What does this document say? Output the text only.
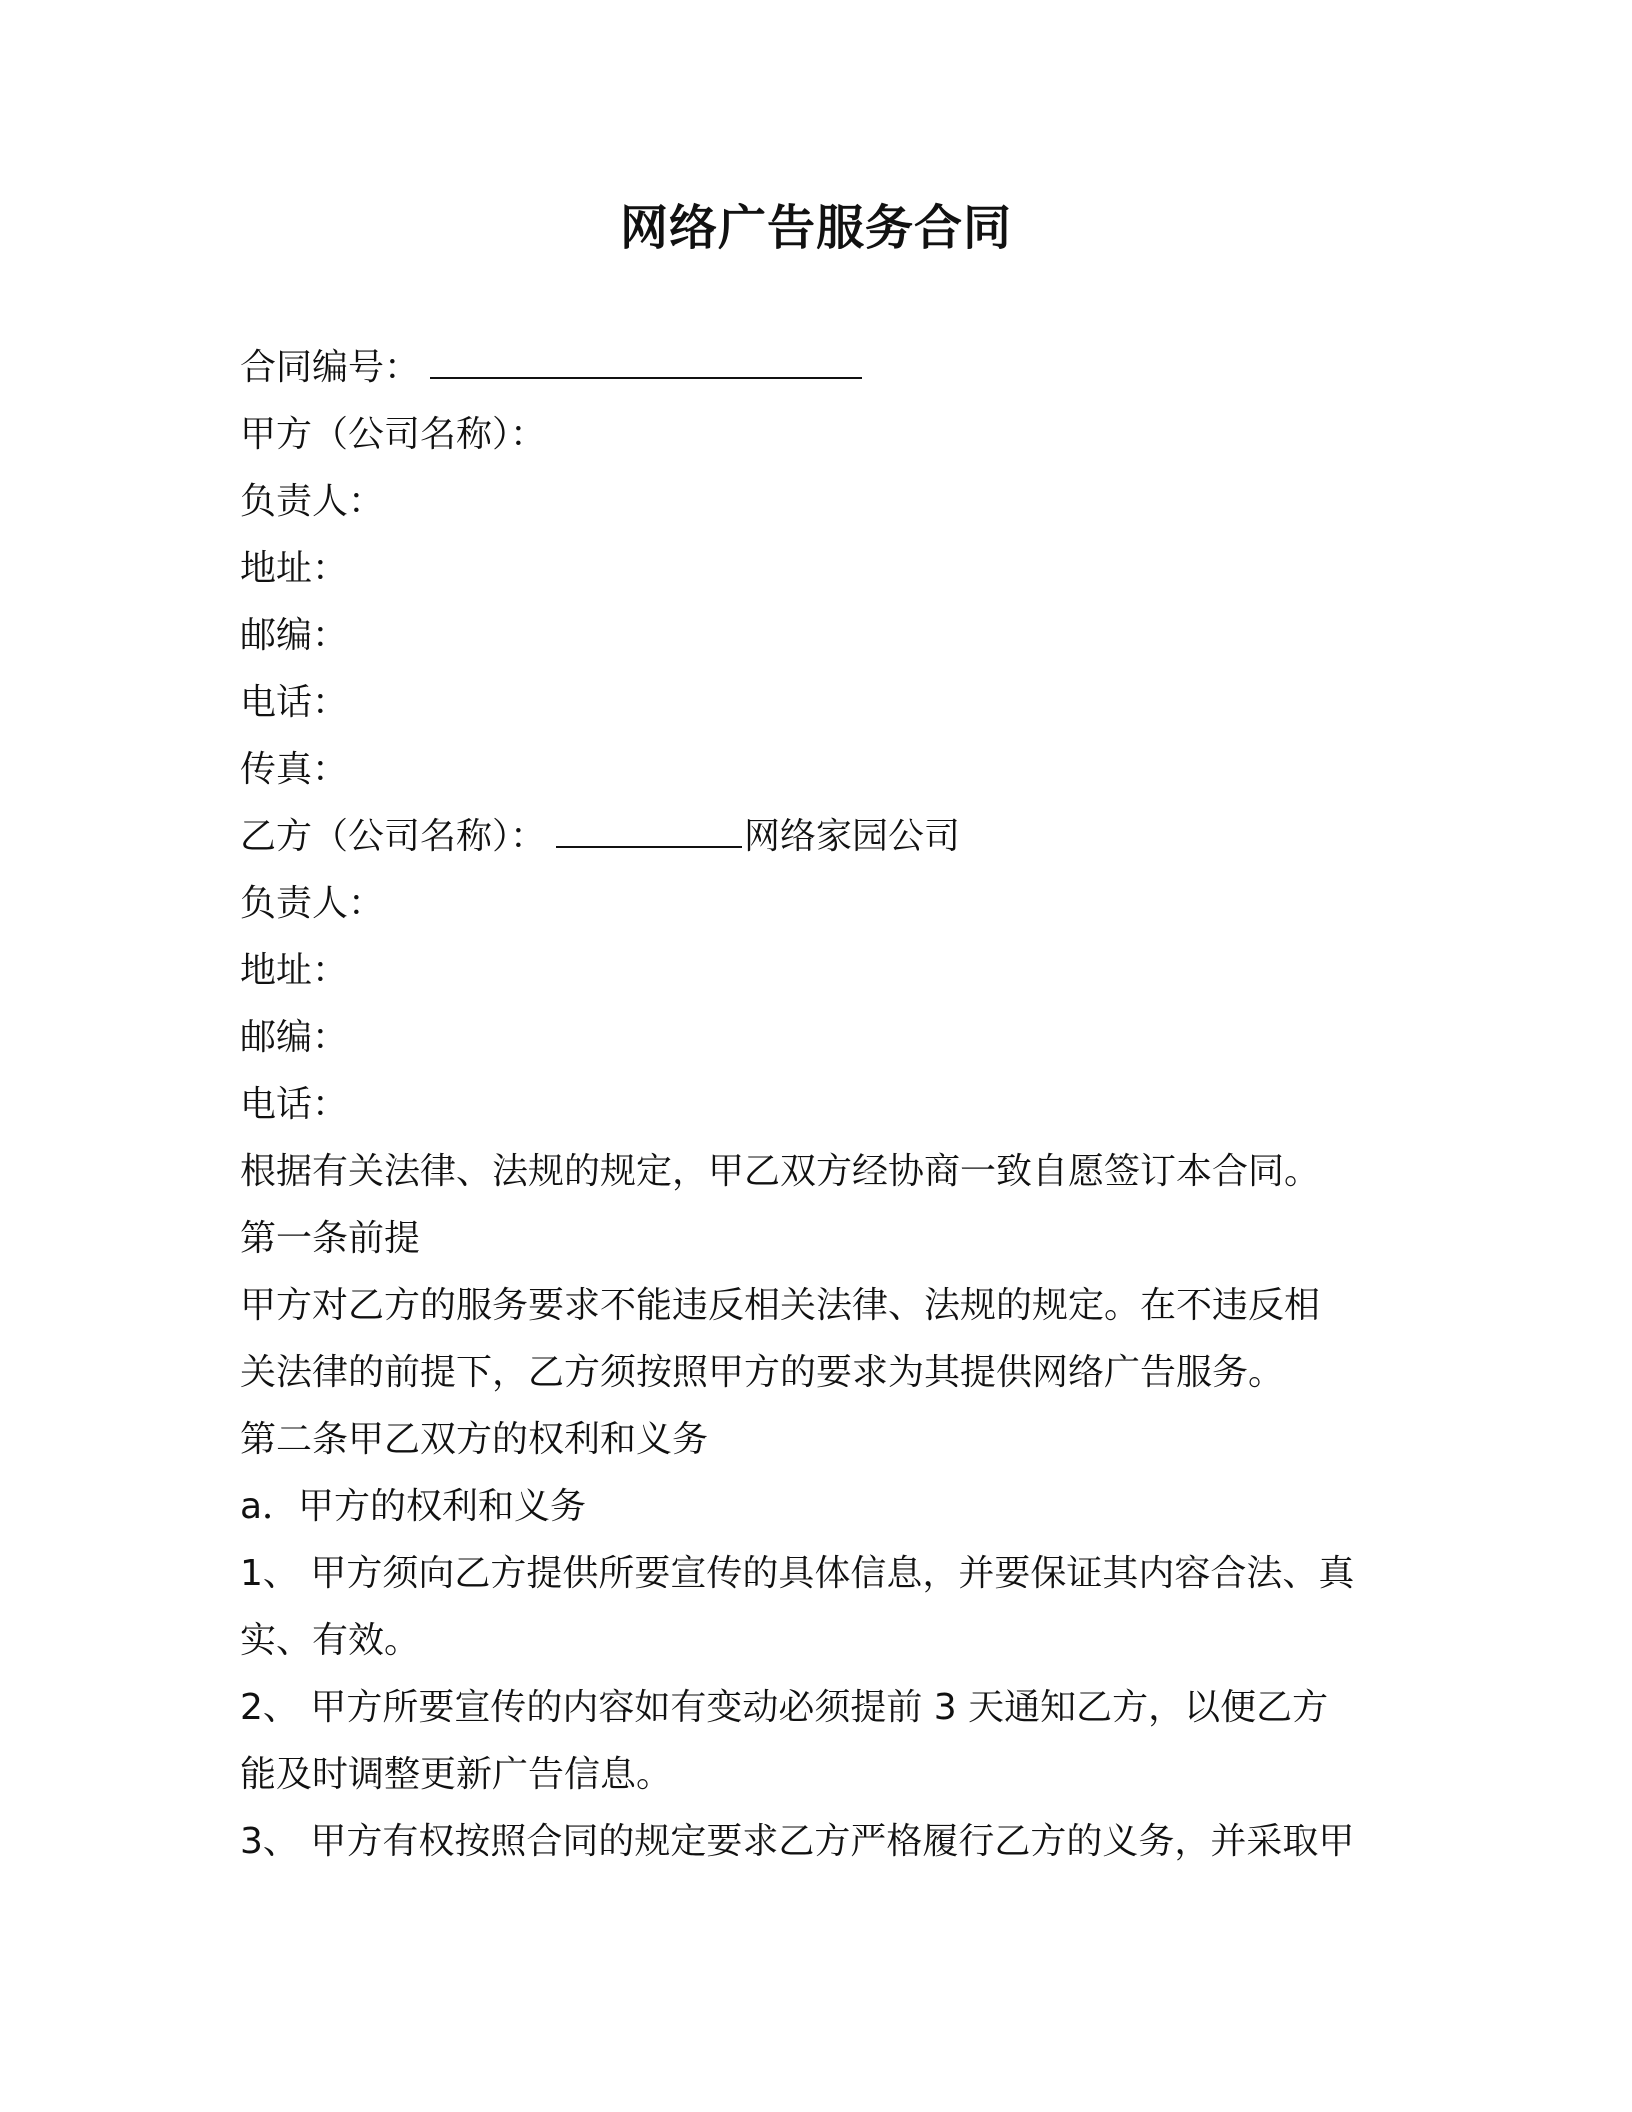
网络广告服务合同

合同编号：

甲方（公司名称）：

负责人：

地址：

邮编：

电话：

传真：

乙方（公司名称）：	网络家园公司

负责人：

地址：

邮编：

电话：

根据有关法律、法规的规定，甲乙双方经协商一致自愿签订本合同。

第一条前提

甲方对乙方的服务要求不能违反相关法律、法规的规定。在不违反相

关法律的前提下，乙方须按照甲方的要求为其提供网络广告服务。

第二条甲乙双方的权利和义务

a．甲方的权利和义务

1、 甲方须向乙方提供所要宣传的具体信息，并要保证其内容合法、真

实、有效。

2、 甲方所要宣传的内容如有变动必须提前 3 天通知乙方，以便乙方

能及时调整更新广告信息。

3、 甲方有权按照合同的规定要求乙方严格履行乙方的义务，并采取甲
